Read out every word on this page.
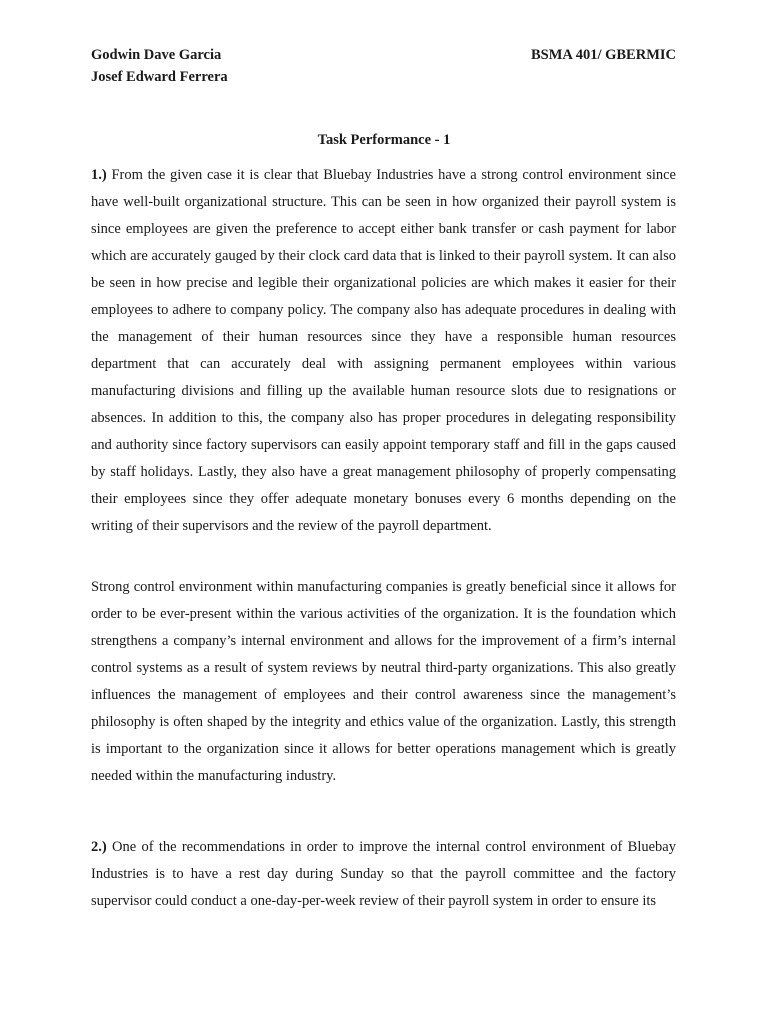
Godwin Dave Garcia	BSMA 401/ GBERMIC
Josef Edward Ferrera
Task Performance - 1

1.) From the given case it is clear that Bluebay Industries have a strong control environment since have well-built organizational structure. This can be seen in how organized their payroll system is since employees are given the preference to accept either bank transfer or cash payment for labor which are accurately gauged by their clock card data that is linked to their payroll system. It can also be seen in how precise and legible their organizational policies are which makes it easier for their employees to adhere to company policy. The company also has adequate procedures in dealing with the management of their human resources since they have a responsible human resources department that can accurately deal with assigning permanent employees within various manufacturing divisions and filling up the available human resource slots due to resignations or absences. In addition to this, the company also has proper procedures in delegating responsibility and authority since factory supervisors can easily appoint temporary staff and fill in the gaps caused by staff holidays. Lastly, they also have a great management philosophy of properly compensating their employees since they offer adequate monetary bonuses every 6 months depending on the writing of their supervisors and the review of the payroll department.

Strong control environment within manufacturing companies is greatly beneficial since it allows for order to be ever-present within the various activities of the organization. It is the foundation which strengthens a company’s internal environment and allows for the improvement of a firm’s internal control systems as a result of system reviews by neutral third-party organizations. This also greatly influences the management of employees and their control awareness since the management’s philosophy is often shaped by the integrity and ethics value of the organization. Lastly, this strength is important to the organization since it allows for better operations management which is greatly needed within the manufacturing industry.

2.) One of the recommendations in order to improve the internal control environment of Bluebay Industries is to have a rest day during Sunday so that the payroll committee and the factory supervisor could conduct a one-day-per-week review of their payroll system in order to ensure its
